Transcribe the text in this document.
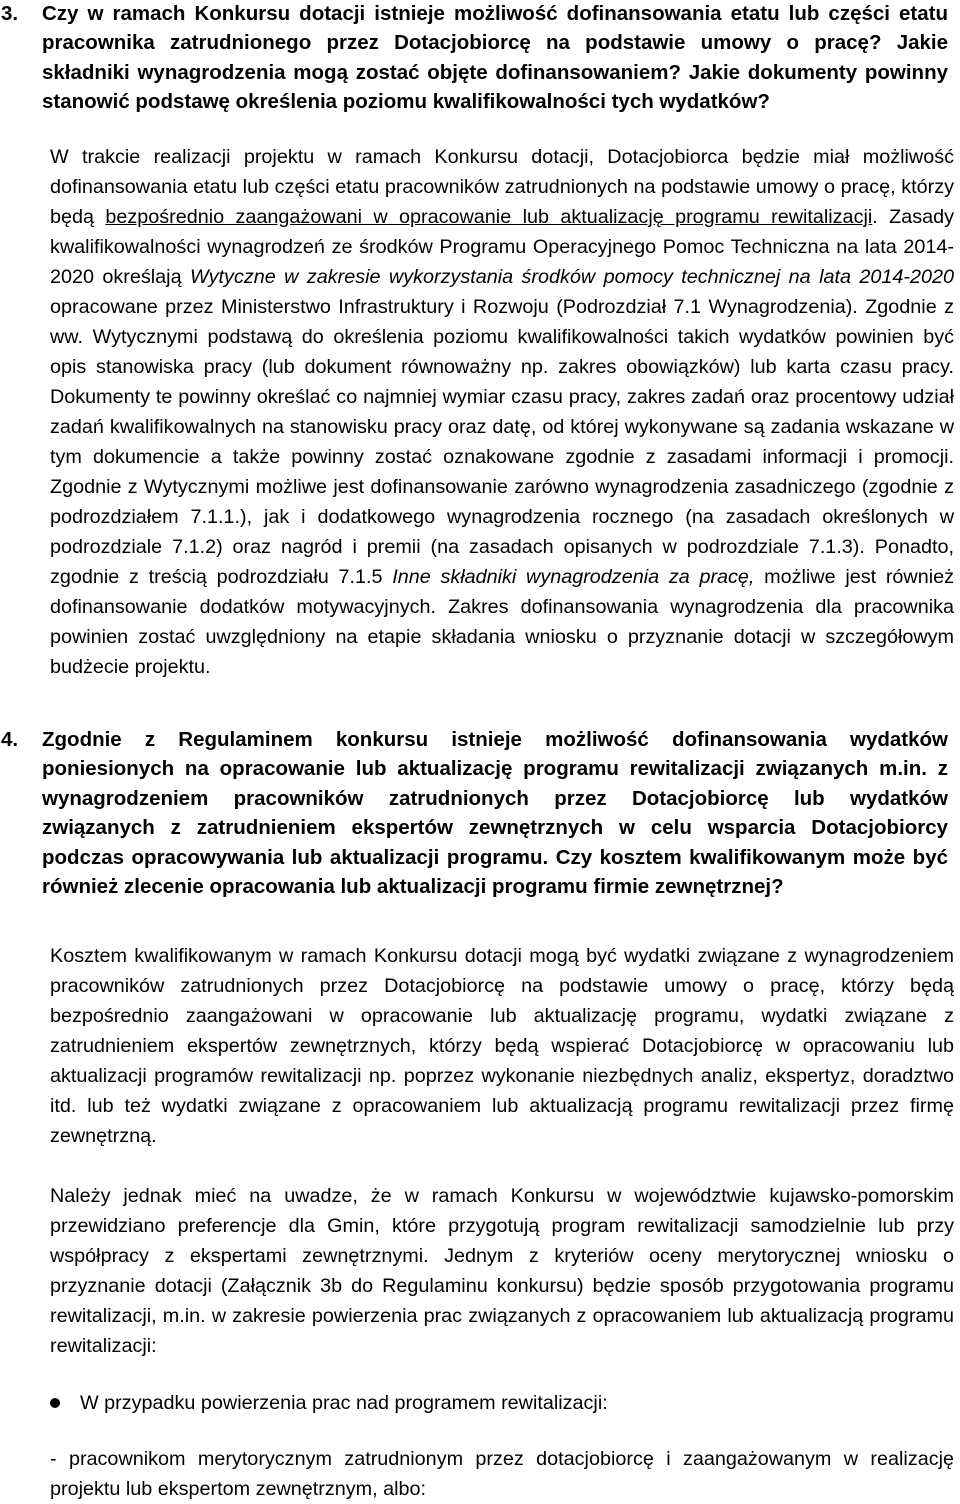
3. Czy w ramach Konkursu dotacji istnieje możliwość dofinansowania etatu lub części etatu pracownika zatrudnionego przez Dotacjobiorcę na podstawie umowy o pracę? Jakie składniki wynagrodzenia mogą zostać objęte dofinansowaniem? Jakie dokumenty powinny stanowić podstawę określenia poziomu kwalifikowalności tych wydatków?
W trakcie realizacji projektu w ramach Konkursu dotacji, Dotacjobiorca będzie miał możliwość dofinansowania etatu lub części etatu pracowników zatrudnionych na podstawie umowy o pracę, którzy będą bezpośrednio zaangażowani w opracowanie lub aktualizację programu rewitalizacji. Zasady kwalifikowalności wynagrodzeń ze środków Programu Operacyjnego Pomoc Techniczna na lata 2014-2020 określają Wytyczne w zakresie wykorzystania środków pomocy technicznej na lata 2014-2020 opracowane przez Ministerstwo Infrastruktury i Rozwoju (Podrozdział 7.1 Wynagrodzenia). Zgodnie z ww. Wytycznymi podstawą do określenia poziomu kwalifikowalności takich wydatków powinien być opis stanowiska pracy (lub dokument równoważny np. zakres obowiązków) lub karta czasu pracy. Dokumenty te powinny określać co najmniej wymiar czasu pracy, zakres zadań oraz procentowy udział zadań kwalifikowalnych na stanowisku pracy oraz datę, od której wykonywane są zadania wskazane w tym dokumencie a także powinny zostać oznakowane zgodnie z zasadami informacji i promocji. Zgodnie z Wytycznymi możliwe jest dofinansowanie zarówno wynagrodzenia zasadniczego (zgodnie z podrozdziałem 7.1.1.), jak i dodatkowego wynagrodzenia rocznego (na zasadach określonych w podrozdziale 7.1.2) oraz nagród i premii (na zasadach opisanych w podrozdziale 7.1.3). Ponadto, zgodnie z treścią podrozdziału 7.1.5 Inne składniki wynagrodzenia za pracę, możliwe jest również dofinansowanie dodatków motywacyjnych. Zakres dofinansowania wynagrodzenia dla pracownika powinien zostać uwzględniony na etapie składania wniosku o przyznanie dotacji w szczegółowym budżecie projektu.
4. Zgodnie z Regulaminem konkursu istnieje możliwość dofinansowania wydatków poniesionych na opracowanie lub aktualizację programu rewitalizacji związanych m.in. z wynagrodzeniem pracowników zatrudnionych przez Dotacjobiorcę lub wydatków związanych z zatrudnieniem ekspertów zewnętrznych w celu wsparcia Dotacjobiorcy podczas opracowywania lub aktualizacji programu. Czy kosztem kwalifikowanym może być również zlecenie opracowania lub aktualizacji programu firmie zewnętrznej?
Kosztem kwalifikowanym w ramach Konkursu dotacji mogą być wydatki związane z wynagrodzeniem pracowników zatrudnionych przez Dotacjobiorcę na podstawie umowy o pracę, którzy będą bezpośrednio zaangażowani w opracowanie lub aktualizację programu, wydatki związane z zatrudnieniem ekspertów zewnętrznych, którzy będą wspierać Dotacjobiorcę w opracowaniu lub aktualizacji programów rewitalizacji np. poprzez wykonanie niezbędnych analiz, ekspertyz, doradztwo itd. lub też wydatki związane z opracowaniem lub aktualizacją programu rewitalizacji przez firmę zewnętrzną.
Należy jednak mieć na uwadze, że w ramach Konkursu w województwie kujawsko-pomorskim przewidziano preferencje dla Gmin, które przygotują program rewitalizacji samodzielnie lub przy współpracy z ekspertami zewnętrznymi. Jednym z kryteriów oceny merytorycznej wniosku o przyznanie dotacji (Załącznik 3b do Regulaminu konkursu) będzie sposób przygotowania programu rewitalizacji, m.in. w zakresie powierzenia prac związanych z opracowaniem lub aktualizacją programu rewitalizacji:
W przypadku powierzenia prac nad programem rewitalizacji:
- pracownikom merytorycznym zatrudnionym przez dotacjobiorcę i zaangażowanym w realizację projektu lub ekspertom zewnętrznym, albo:
